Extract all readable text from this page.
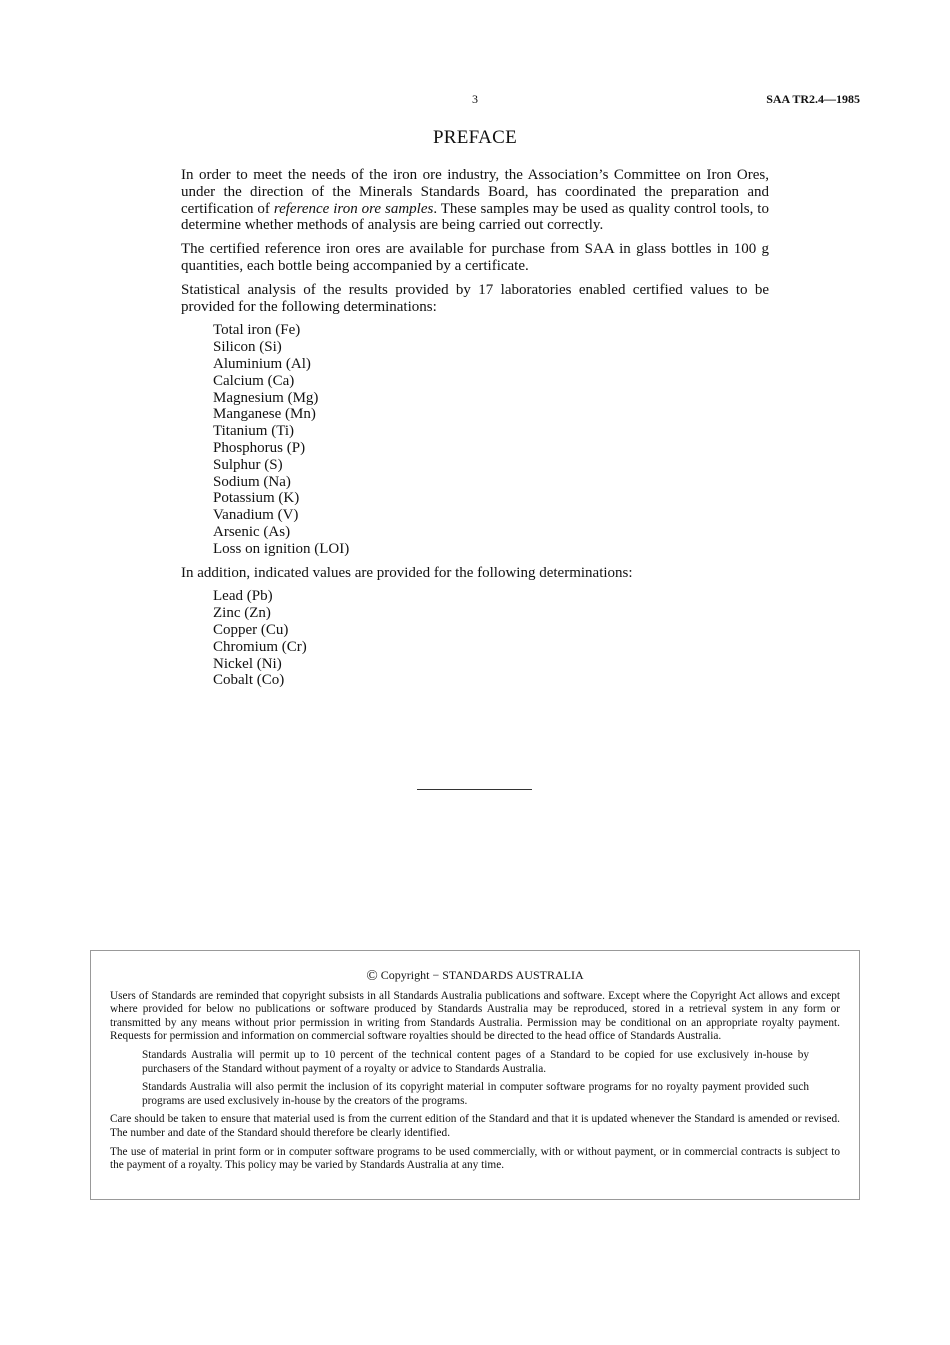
3	SAA TR2.4—1985
PREFACE

In order to meet the needs of the iron ore industry, the Association’s Committee on Iron Ores, under the direction of the Minerals Standards Board, has coordinated the preparation and certification of reference iron ore samples. These samples may be used as quality control tools, to determine whether methods of analysis are being carried out correctly.

The certified reference iron ores are available for purchase from SAA in glass bottles in 100 g quantities, each bottle being accompanied by a certificate.

Statistical analysis of the results provided by 17 laboratories enabled certified values to be provided for the following determinations:

Total iron (Fe)
Silicon (Si)
Aluminium (Al)
Calcium (Ca)
Magnesium (Mg)
Manganese (Mn)
Titanium (Ti)
Phosphorus (P)
Sulphur (S)
Sodium (Na)
Potassium (K)
Vanadium (V)
Arsenic (As)
Loss on ignition (LOI)

In addition, indicated values are provided for the following determinations:

Lead (Pb)
Zinc (Zn)
Copper (Cu)
Chromium (Cr)
Nickel (Ni)
Cobalt (Co)
© Copyright − STANDARDS AUSTRALIA

Users of Standards are reminded that copyright subsists in all Standards Australia publications and software. Except where the Copyright Act allows and except where provided for below no publications or software produced by Standards Australia may be reproduced, stored in a retrieval system in any form or transmitted by any means without prior permission in writing from Standards Australia. Permission may be conditional on an appropriate royalty payment. Requests for permission and information on commercial software royalties should be directed to the head office of Standards Australia.

Standards Australia will permit up to 10 percent of the technical content pages of a Standard to be copied for use exclusively in-house by purchasers of the Standard without payment of a royalty or advice to Standards Australia.

Standards Australia will also permit the inclusion of its copyright material in computer software programs for no royalty payment provided such programs are used exclusively in-house by the creators of the programs.

Care should be taken to ensure that material used is from the current edition of the Standard and that it is updated whenever the Standard is amended or revised. The number and date of the Standard should therefore be clearly identified.

The use of material in print form or in computer software programs to be used commercially, with or without payment, or in commercial contracts is subject to the payment of a royalty. This policy may be varied by Standards Australia at any time.
